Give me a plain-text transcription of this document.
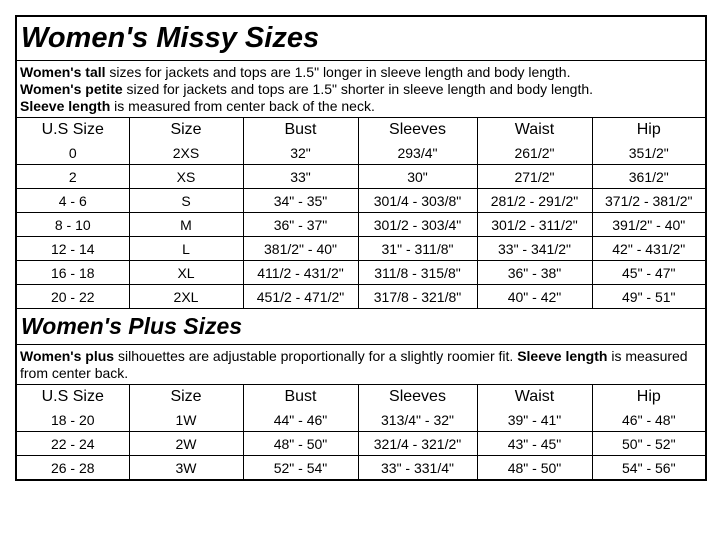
Women's Missy Sizes					
Women's tall sizes for jackets and tops are 1.5" longer in sleeve length and body length.
Women's petite sized for jackets and tops are 1.5" shorter in sleeve length and body length.
Sleeve length is measured from center back of the neck.					
U.S Size	Size	Bust	Sleeves	Waist	Hip
0	2XS	32"	293/4"	261/2"	351/2"
2	XS	33"	30"	271/2"	361/2"
4 - 6	S	34" - 35"	301/4 - 303/8"	281/2 - 291/2"	371/2 - 381/2"
8 - 10	M	36" - 37"	301/2 - 303/4"	301/2 - 311/2"	391/2" - 40"
12 - 14	L	381/2" - 40"	31" - 311/8"	33" - 341/2"	42" - 431/2"
16 - 18	XL	411/2 - 431/2"	311/8 - 315/8"	36" - 38"	45" - 47"
20 - 22	2XL	451/2 - 471/2"	317/8 - 321/8"	40" - 42"	49" - 51"
Women's Plus Sizes					
Women's plus silhouettes are adjustable proportionally for a slightly roomier fit. Sleeve length is measured from center back.					
U.S Size	Size	Bust	Sleeves	Waist	Hip
18 - 20	1W	44" - 46"	313/4" - 32"	39" - 41"	46" - 48"
22 - 24	2W	48" - 50"	321/4 - 321/2"	43" - 45"	50" - 52"
26 - 28	3W	52" - 54"	33" - 331/4"	48" - 50"	54" - 56"
